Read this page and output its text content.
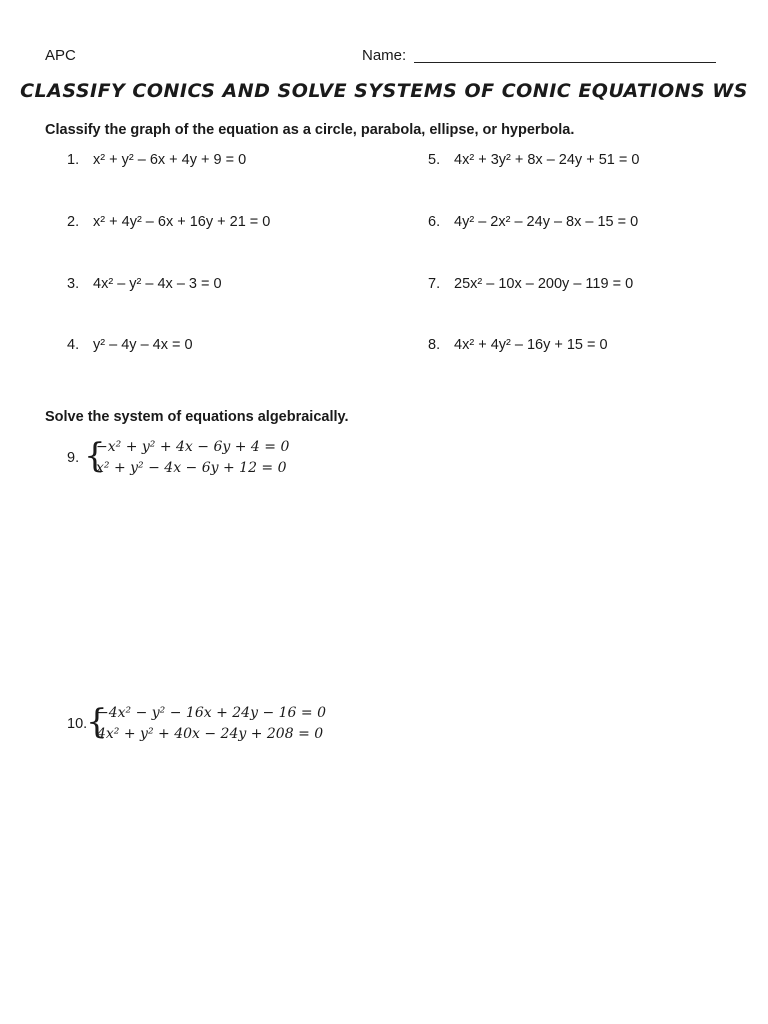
APC	Name:
CLASSIFY CONICS AND SOLVE SYSTEMS OF CONIC EQUATIONS WS
Classify the graph of the equation as a circle, parabola, ellipse, or hyperbola.
1. x² + y² – 6x + 4y + 9 = 0
2. x² + 4y² – 6x + 16y + 21 = 0
3. 4x² – y² – 4x – 3 = 0
4. y² – 4y – 4x = 0
5. 4x² + 3y² + 8x – 24y + 51 = 0
6. 4y² – 2x² – 24y – 8x – 15 = 0
7. 25x² – 10x – 200y – 119 = 0
8. 4x² + 4y² – 16y + 15 = 0
Solve the system of equations algebraically.
9. {
−x² + y² + 4x − 6y + 4 = 0
x² + y² − 4x − 6y + 12 = 0
10.
{
−4x² − y² − 16x + 24y − 16 = 0
4x² + y² + 40x − 24y + 208 = 0
